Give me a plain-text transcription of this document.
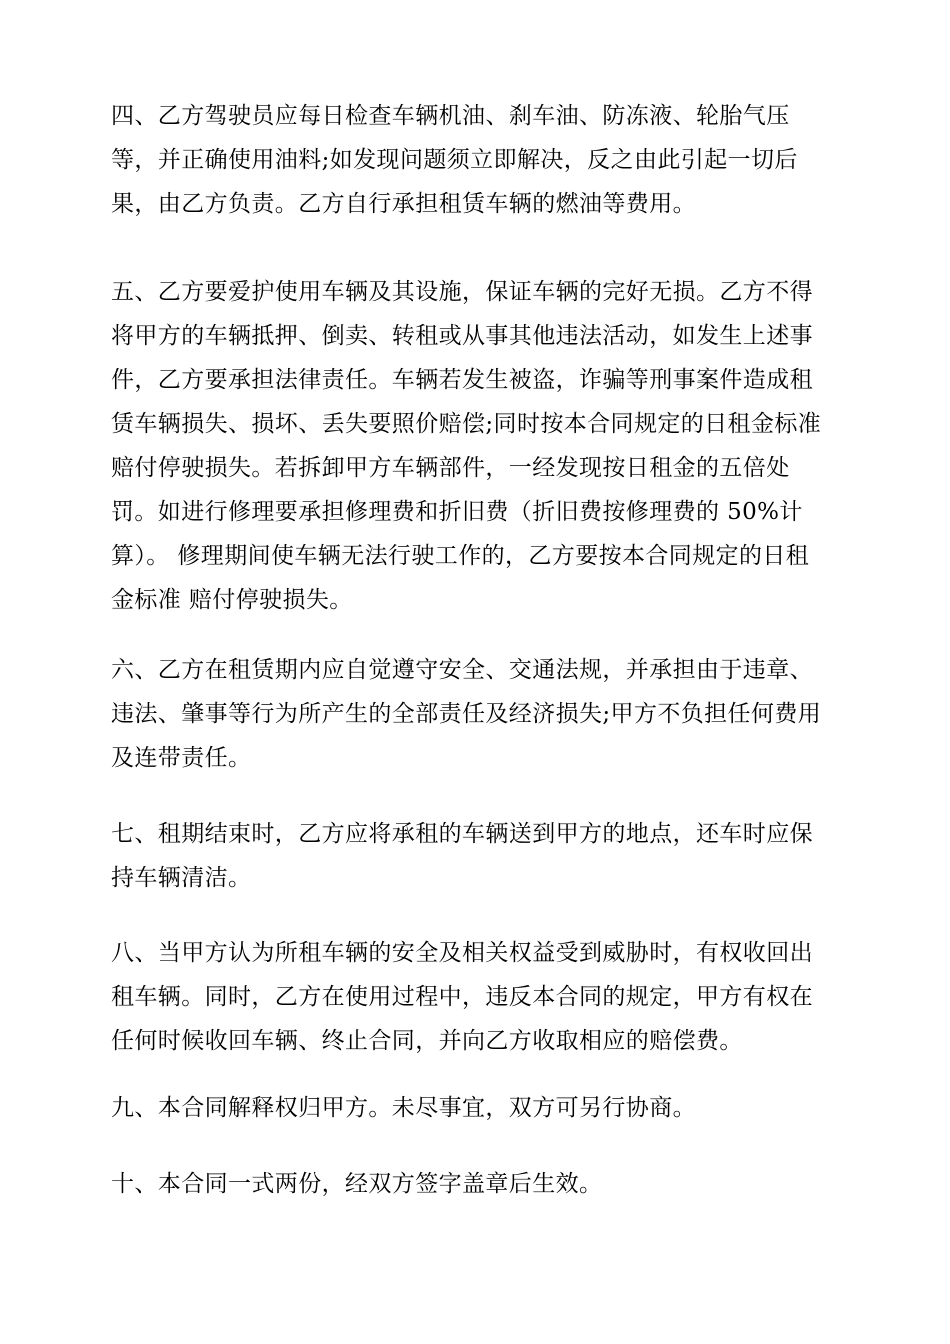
四、乙方驾驶员应每日检查车辆机油、刹车油、防冻液、轮胎气压
等，并正确使用油料;如发现问题须立即解决，反之由此引起一切后
果，由乙方负责。乙方自行承担租赁车辆的燃油等费用。

五、乙方要爱护使用车辆及其设施，保证车辆的完好无损。乙方不得
将甲方的车辆抵押、倒卖、转租或从事其他违法活动，如发生上述事
件，乙方要承担法律责任。车辆若发生被盗，诈骗等刑事案件造成租
赁车辆损失、损坏、丢失要照价赔偿;同时按本合同规定的日租金标准
赔付停驶损失。若拆卸甲方车辆部件，一经发现按日租金的五倍处
罚。如进行修理要承担修理费和折旧费（折旧费按修理费的 50%计
算）。 修理期间使车辆无法行驶工作的，乙方要按本合同规定的日租
金标准 赔付停驶损失。

六、乙方在租赁期内应自觉遵守安全、交通法规，并承担由于违章、
违法、肇事等行为所产生的全部责任及经济损失;甲方不负担任何费用
及连带责任。

七、租期结束时，乙方应将承租的车辆送到甲方的地点，还车时应保
持车辆清洁。

八、当甲方认为所租车辆的安全及相关权益受到威胁时，有权收回出
租车辆。同时，乙方在使用过程中，违反本合同的规定，甲方有权在
任何时候收回车辆、终止合同，并向乙方收取相应的赔偿费。

九、本合同解释权归甲方。未尽事宜，双方可另行协商。

十、本合同一式两份，经双方签字盖章后生效。
